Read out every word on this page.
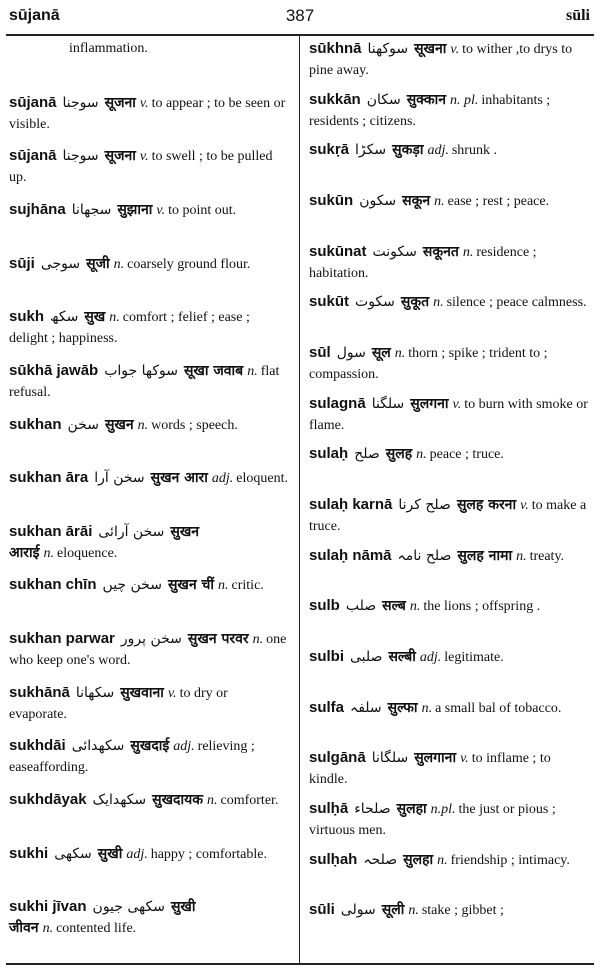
sūjanā	387	sūli

inflammation.

sūjanā سوجنا सूजना v. to appear ; to be seen or visible.

sūjanā سوجنا सूजना v. to swell ; to be pulled up.

sujhāna سجھانا सुझाना v. to point out.

sūji سوجی सूजी n. coarsely ground flour.

sukh سکھ सुख n. comfort ; felief ; ease ; delight ; happiness.

sūkhā jawāb سوکھا جواب सूखा जवाब n. flat refusal.

sukhan سخن सुखन n. words ; speech.

sukhan āra سخن آرا सुखन आरा adj. eloquent.

sukhan ārāi سخن آرائی सुखन आराई n. eloquence.

sukhan chīn سخن چیں सुखन चीं n. critic.

sukhan parwar سخن پرور सुखन परवर n. one who keep one's word.

sukhānā سکھانا सुखवाना v. to dry or evaporate.

sukhdāi سکھدائی सुखदाई adj. relieving ; easeaffording.

sukhdāyak سکھدایک सुखदायक n. comforter.

sukhi سکھی सुखी adj. happy ; comfortable.

sukhi jīvan سکھی جیون सुखी जीवन n. contented life.

sūkhnā سوکھنا सूखना v. to wither ,to drys to pine away.

sukkān سکان सुक्कान n. pl. inhabitants ; residents ; citizens.

sukṛā سکڑا सुकड़ा adj. shrunk .

sukūn سکون सकून n. ease ; rest ; peace.

sukūnat سکونت सकूनत n. residence ; habitation.

sukūt سکوت सुकूत n. silence ; peace calmness.

sūl سول सूल n. thorn ; spike ; trident to ; compassion.

sulagnā سلگنا सुलगना v. to burn with smoke or flame.

sulaḥ صلح सुलह n. peace ; truce.

sulaḥ karnā صلح کرنا सुलह करना v. to make a truce.

sulaḥ nāmā صلح نامہ सुलह नामा n. treaty.

sulb صلب सल्ब n. the lions ; offspring .

sulbi صلبی सल्बी adj. legitimate.

sulfa سلفہ सुल्फा n. a small bal of tobacco.

sulgānā سلگانا सुलगाना v. to inflame ; to kindle.

sulḥā صلحاء सुलहा n.pl. the just or pious ; virtuous men.

sulḥah صلحہ सुलहा n. friendship ; intimacy.

sūli سولی सूली n. stake ; gibbet ;
